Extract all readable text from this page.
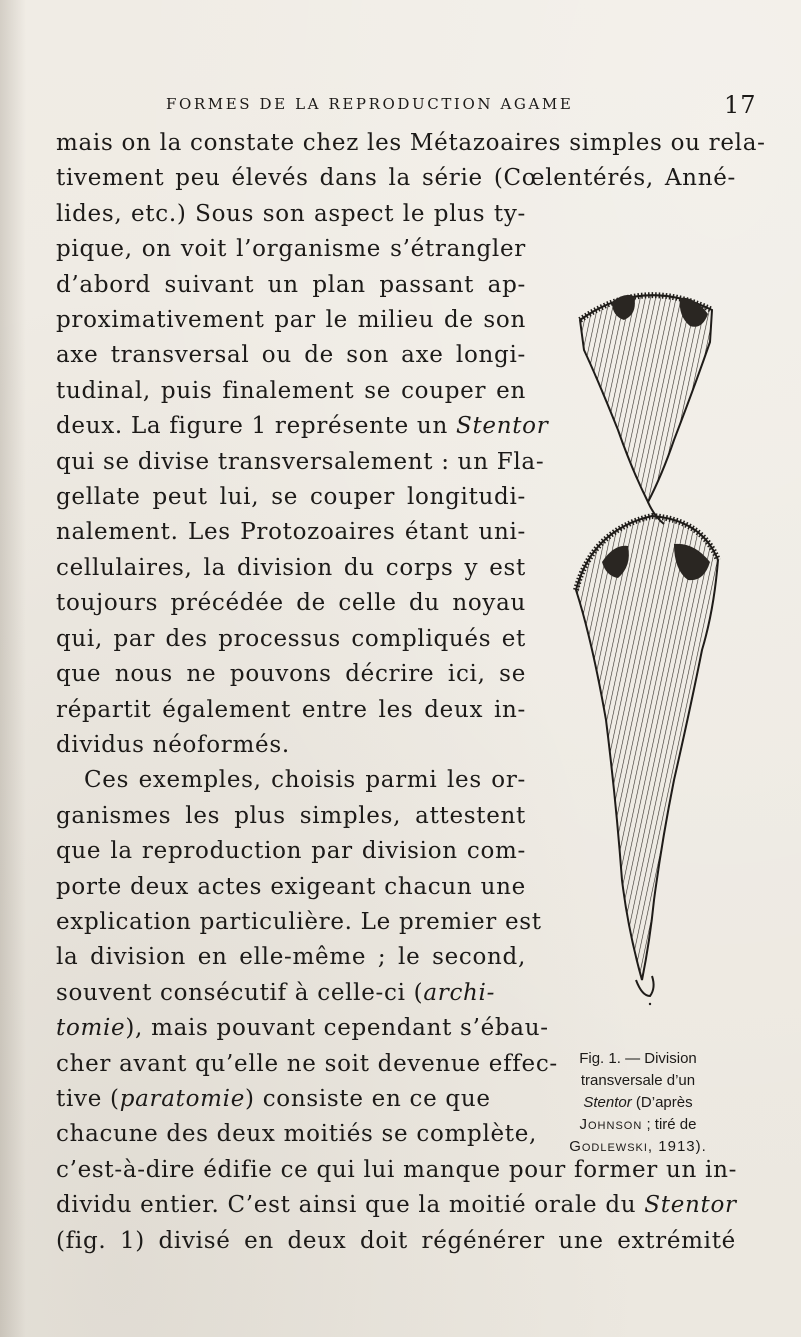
FORMES DE LA REPRODUCTION AGAME	17
mais on la constate chez les Métazoaires simples ou rela-
tivement peu élevés dans la série (Cœlentérés, Anné-
lides, etc.) Sous son aspect le plus ty-
pique, on voit l’organisme s’étrangler
d’abord suivant un plan passant ap-
proximativement par le milieu de son
axe transversal ou de son axe longi-
tudinal, puis finalement se couper en
deux. La figure 1 représente un Stentor
qui se divise transversalement : un Fla-
gellate peut lui, se couper longitudi-
nalement. Les Protozoaires étant uni-
cellulaires, la division du corps y est
toujours précédée de celle du noyau
qui, par des processus compliqués et
que nous ne pouvons décrire ici, se
répartit également entre les deux in-
dividus néoformés.
Ces exemples, choisis parmi les or-
ganismes les plus simples, attestent
que la reproduction par division com-
porte deux actes exigeant chacun une
explication particulière. Le premier est
la division en elle-même ; le second,
souvent consécutif à celle-ci (archi-
tomie), mais pouvant cependant s’ébau-
cher avant qu’elle ne soit devenue effec-
tive (paratomie) consiste en ce que
chacune des deux moitiés se complète,
c’est-à-dire édifie ce qui lui manque pour former un in-
dividu entier. C’est ainsi que la moitié orale du Stentor
(fig. 1) divisé en deux doit régénérer une extrémité
Fig. 1. — Division
transversale d’un
Stentor (D’après
Johnson ; tiré de
Godlewski, 1913).
